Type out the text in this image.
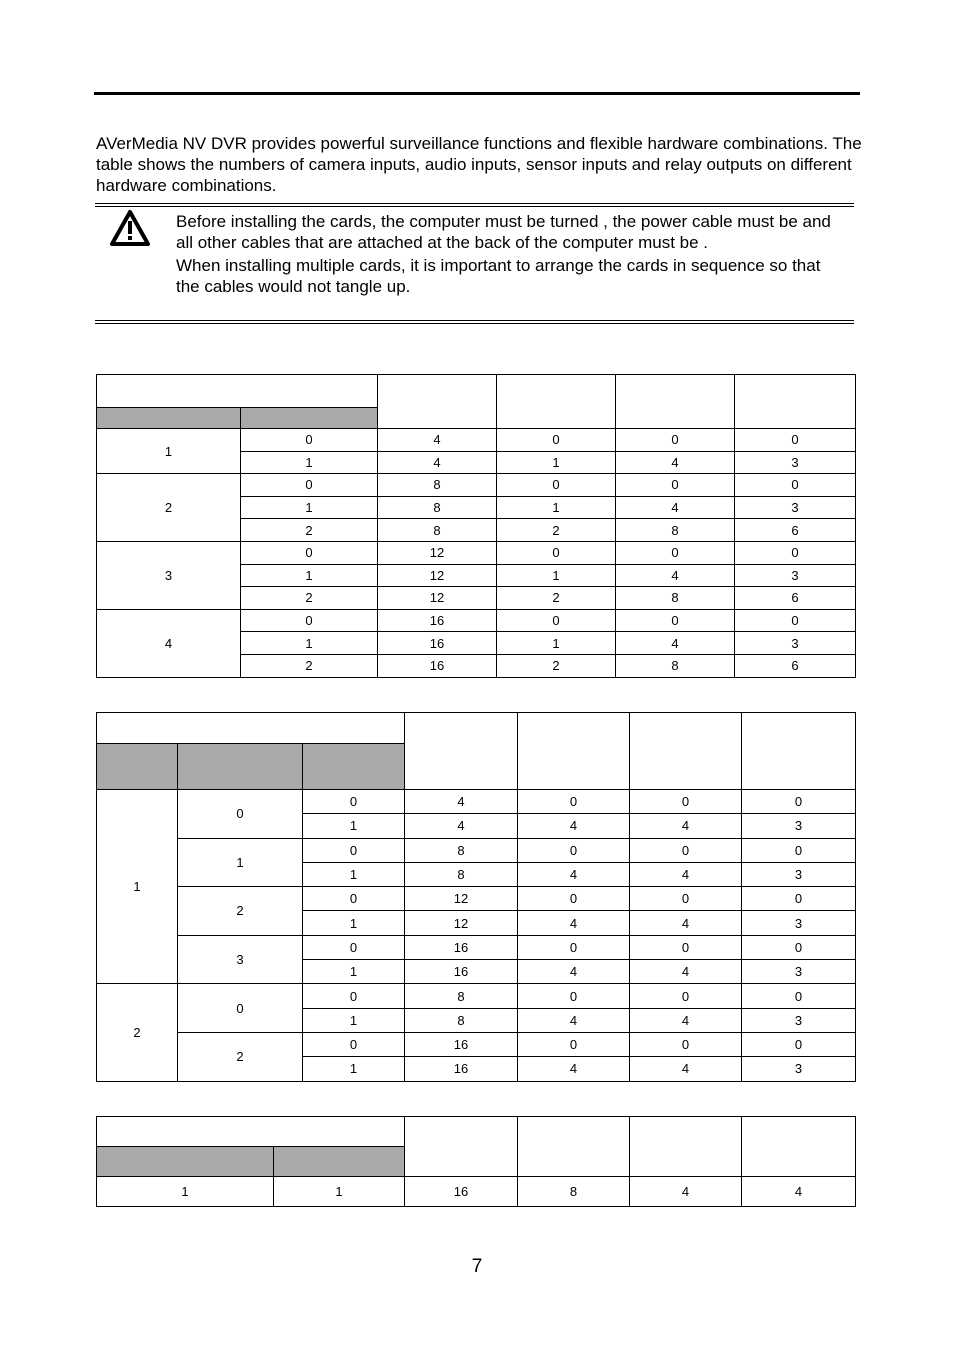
AVerMedia NV DVR provides powerful surveillance functions and flexible hardware combinations. The table shows the numbers of camera inputs, audio inputs, sensor inputs and relay outputs on different hardware combinations.

Before installing the cards, the computer must be turned , the power cable must be and all other cables that are attached at the back of the computer must be .

When installing multiple cards, it is important to arrange the cards in sequence so that the cables would not tangle up.

1	0	4	0	0	0
	1	4	1	4	3
2	0	8	0	0	0
	1	8	1	4	3
	2	8	2	8	6
3	0	12	0	0	0
	1	12	1	4	3
	2	12	2	8	6
4	0	16	0	0	0
	1	16	1	4	3
	2	16	2	8	6

1	0	0	4	0	0	0
		1	4	4	4	3
	1	0	8	0	0	0
		1	8	4	4	3
	2	0	12	0	0	0
		1	12	4	4	3
	3	0	16	0	0	0
		1	16	4	4	3
2	0	0	8	0	0	0
		1	8	4	4	3
	2	0	16	0	0	0
		1	16	4	4	3

1	1	16	8	4	4
7
